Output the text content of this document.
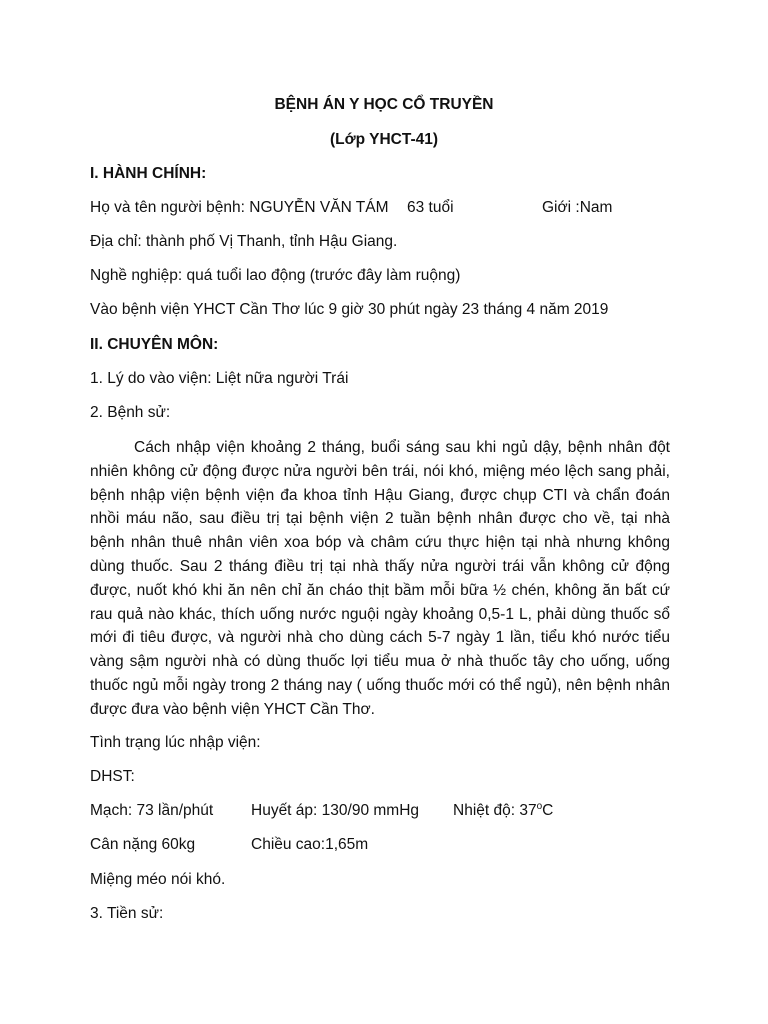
BỆNH ÁN Y HỌC CỔ TRUYỀN
(Lớp YHCT-41)
I. HÀNH CHÍNH:
Họ và tên người bệnh: NGUYỄN VĂN TÁM 63 tuổi	Giới :Nam
Địa chỉ: thành phố Vị Thanh, tỉnh Hậu Giang.
Nghề nghiệp: quá tuổi lao động (trước đây làm ruộng)
Vào bệnh viện YHCT Cần Thơ lúc 9 giờ 30 phút ngày 23 tháng 4 năm 2019
II. CHUYÊN MÔN:
1. Lý do vào viện: Liệt nữa người Trái
2. Bệnh sử:
Cách nhập viện khoảng 2 tháng, buổi sáng sau khi ngủ dậy, bệnh nhân đột nhiên không cử động được nửa người bên trái, nói khó, miệng méo lệch sang phải, bệnh nhập viện bệnh viện đa khoa tỉnh Hậu Giang, được chụp CTI và chẩn đoán nhồi máu não, sau điều trị tại bệnh viện 2 tuần bệnh nhân được cho về, tại nhà bệnh nhân thuê nhân viên xoa bóp và châm cứu thực hiện tại nhà nhưng không dùng thuốc. Sau 2 tháng điều trị tại nhà thấy nửa người trái vẫn không cử động được, nuốt khó khi ăn nên chỉ ăn cháo thịt bầm mỗi bữa ½ chén, không ăn bất cứ rau quả nào khác, thích uống nước nguội ngày khoảng 0,5-1 L, phải dùng thuốc sổ mới đi tiêu được, và người nhà cho dùng cách 5-7 ngày 1 lần, tiểu khó nước tiểu vàng sậm người nhà có dùng thuốc lợi tiểu mua ở nhà thuốc tây cho uống, uống thuốc ngủ mỗi ngày trong 2 tháng nay ( uống thuốc mới có thể ngủ), nên bệnh nhân được đưa vào bệnh viện YHCT Cần Thơ.
Tình trạng lúc nhập viện:
DHST:
Mạch: 73 lần/phút Huyết áp: 130/90 mmHg Nhiệt độ: 37$^o$C
Cân nặng 60kg	Chiều cao:1,65m
Miệng méo nói khó.
3. Tiền sử:
